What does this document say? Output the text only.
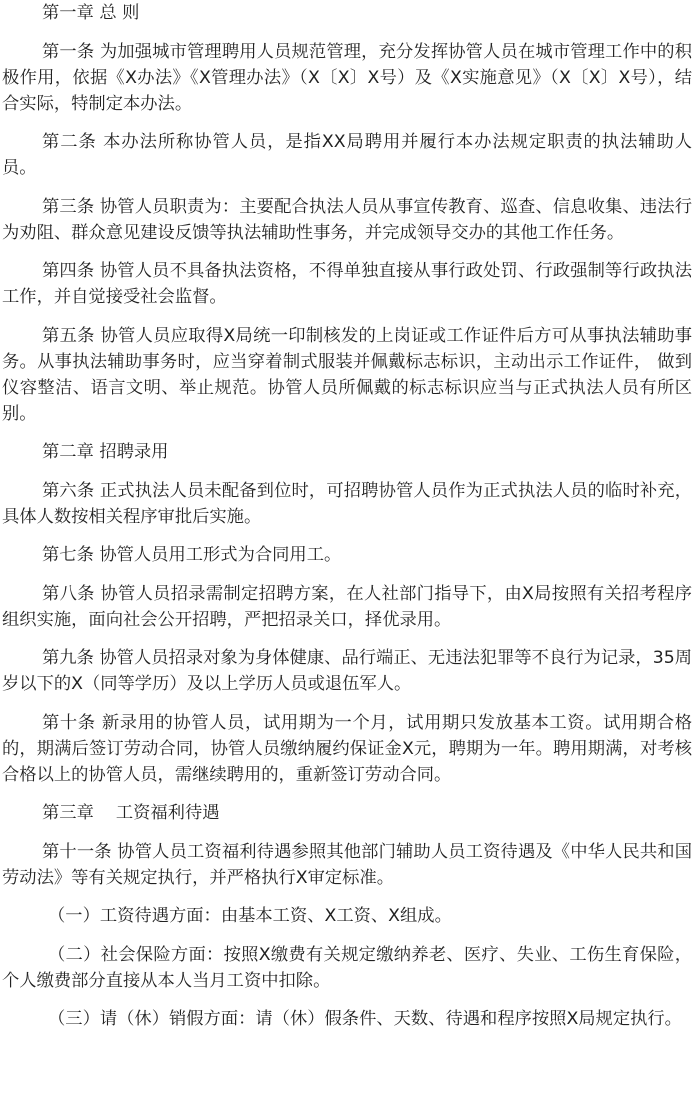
第一章 总 则

第一条 为加强城市管理聘用人员规范管理，充分发挥协管人员在城市管理工作中的积极作用，依据《X办法》《X管理办法》（X〔X〕X号）及《X实施意见》（X〔X〕X号），结合实际，特制定本办法。

第二条 本办法所称协管人员，是指XX局聘用并履行本办法规定职责的执法辅助人员。

第三条 协管人员职责为：主要配合执法人员从事宣传教育、巡查、信息收集、违法行为劝阻、群众意见建设反馈等执法辅助性事务，并完成领导交办的其他工作任务。

第四条 协管人员不具备执法资格，不得单独直接从事行政处罚、行政强制等行政执法工作，并自觉接受社会监督。

第五条 协管人员应取得X局统一印制核发的上岗证或工作证件后方可从事执法辅助事务。从事执法辅助事务时，应当穿着制式服装并佩戴标志标识，主动出示工作证件， 做到仪容整洁、语言文明、举止规范。协管人员所佩戴的标志标识应当与正式执法人员有所区别。

第二章 招聘录用

第六条 正式执法人员未配备到位时，可招聘协管人员作为正式执法人员的临时补充，具体人数按相关程序审批后实施。

第七条 协管人员用工形式为合同用工。

第八条 协管人员招录需制定招聘方案，在人社部门指导下，由X局按照有关招考程序组织实施，面向社会公开招聘，严把招录关口，择优录用。

第九条 协管人员招录对象为身体健康、品行端正、无违法犯罪等不良行为记录，35周岁以下的X（同等学历）及以上学历人员或退伍军人。

第十条 新录用的协管人员，试用期为一个月，试用期只发放基本工资。试用期合格的，期满后签订劳动合同，协管人员缴纳履约保证金X元，聘期为一年。聘用期满，对考核合格以上的协管人员，需继续聘用的，重新签订劳动合同。

第三章    工资福利待遇

第十一条 协管人员工资福利待遇参照其他部门辅助人员工资待遇及《中华人民共和国劳动法》等有关规定执行，并严格执行X审定标准。

（一）工资待遇方面：由基本工资、X工资、X组成。

（二）社会保险方面：按照X缴费有关规定缴纳养老、医疗、失业、工伤生育保险，个人缴费部分直接从本人当月工资中扣除。

（三）请（休）销假方面：请（休）假条件、天数、待遇和程序按照X局规定执行。
